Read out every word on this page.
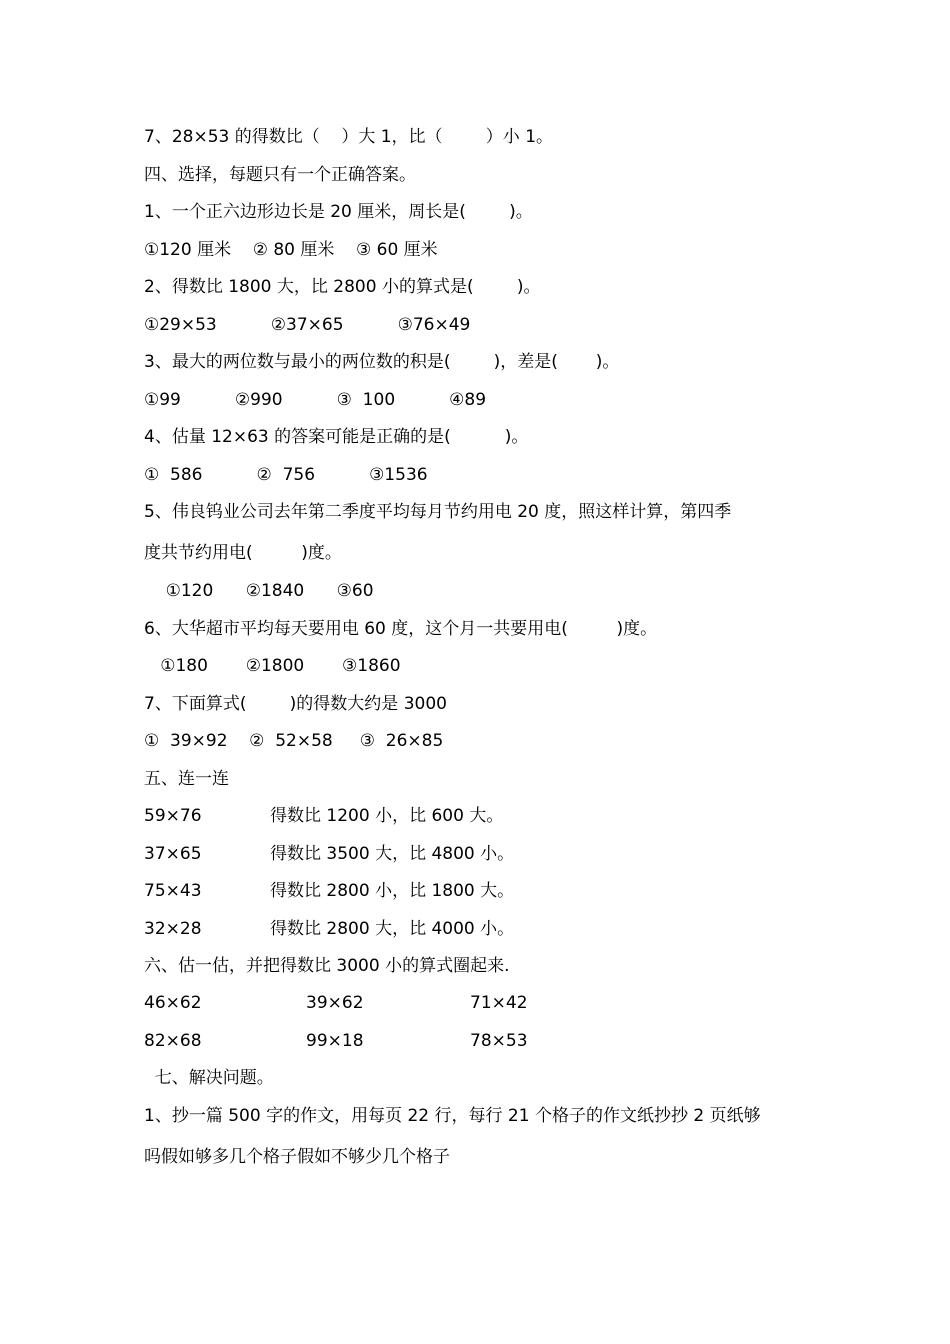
7、28×53 的得数比（    ）大 1，比（        ）小 1。
四、选择，每题只有一个正确答案。
1、一个正六边形边长是 20 厘米，周长是(        )。
①120 厘米    ② 80 厘米    ③ 60 厘米
2、得数比 1800 大，比 2800 小的算式是(        )。
①29×53          ②37×65          ③76×49
3、最大的两位数与最小的两位数的积是(        )，差是(       )。
①99          ②990          ③  100          ④89
4、估量 12×63 的答案可能是正确的是(          )。
①  586          ②  756          ③1536
5、伟良钨业公司去年第二季度平均每月节约用电 20 度，照这样计算，第四季
度共节约用电(         )度。
①120      ②1840      ③60
6、大华超市平均每天要用电 60 度，这个月一共要用电(         )度。
①180       ②1800       ③1860
7、下面算式(        )的得数大约是 3000
①  39×92    ②  52×58     ③  26×85
五、连一连
59×76	得数比 1200 小，比 600 大。
37×65	得数比 3500 大，比 4800 小。
75×43	得数比 2800 小，比 1800 大。
32×28	得数比 2800 大，比 4000 小。
六、估一估，并把得数比 3000 小的算式圈起来.
46×62	39×62	71×42
82×68	99×18	78×53
七、解决问题。
1、抄一篇 500 字的作文，用每页 22 行，每行 21 个格子的作文纸抄抄 2 页纸够
吗假如够多几个格子假如不够少几个格子
